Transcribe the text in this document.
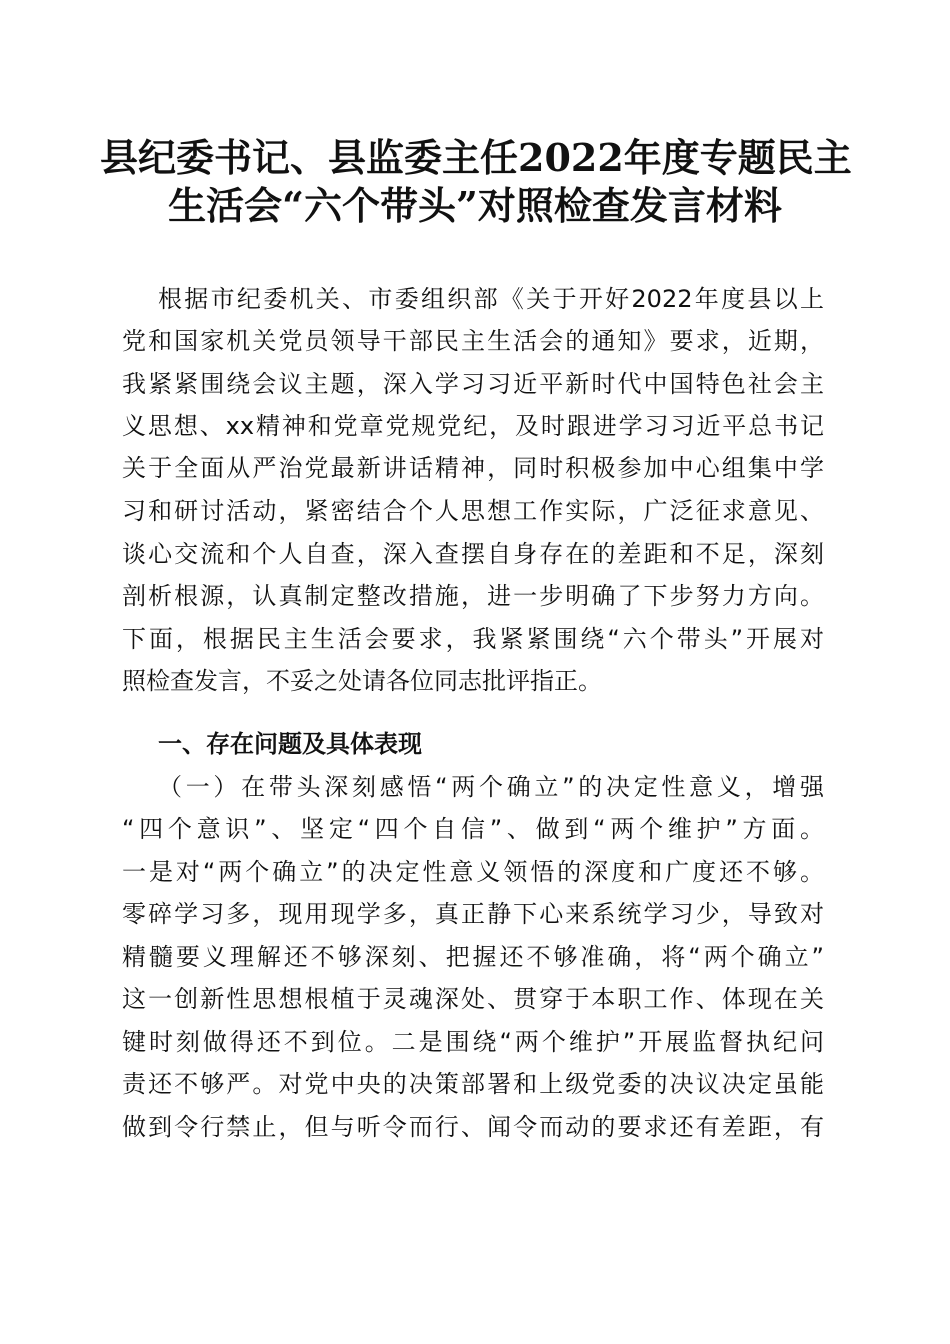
县纪委书记、县监委主任2022年度专题民主
生活会“六个带头”对照检查发言材料
根据市纪委机关、市委组织部《关于开好2022年度县以上
党和国家机关党员领导干部民主生活会的通知》要求，近期，
我紧紧围绕会议主题，深入学习习近平新时代中国特色社会主
义思想、xx精神和党章党规党纪，及时跟进学习习近平总书记
关于全面从严治党最新讲话精神，同时积极参加中心组集中学
习和研讨活动，紧密结合个人思想工作实际，广泛征求意见、
谈心交流和个人自查，深入查摆自身存在的差距和不足，深刻
剖析根源，认真制定整改措施，进一步明确了下步努力方向。
下面，根据民主生活会要求，我紧紧围绕“六个带头”开展对
照检查发言，不妥之处请各位同志批评指正。
一、存在问题及具体表现
（一）在带头深刻感悟“两个确立”的决定性意义，增强
“四个意识”、坚定“四个自信”、做到“两个维护”方面。
一是对“两个确立”的决定性意义领悟的深度和广度还不够。
零碎学习多，现用现学多，真正静下心来系统学习少，导致对
精髓要义理解还不够深刻、把握还不够准确，将“两个确立”
这一创新性思想根植于灵魂深处、贯穿于本职工作、体现在关
键时刻做得还不到位。二是围绕“两个维护”开展监督执纪问
责还不够严。对党中央的决策部署和上级党委的决议决定虽能
做到令行禁止，但与听令而行、闻令而动的要求还有差距，有
